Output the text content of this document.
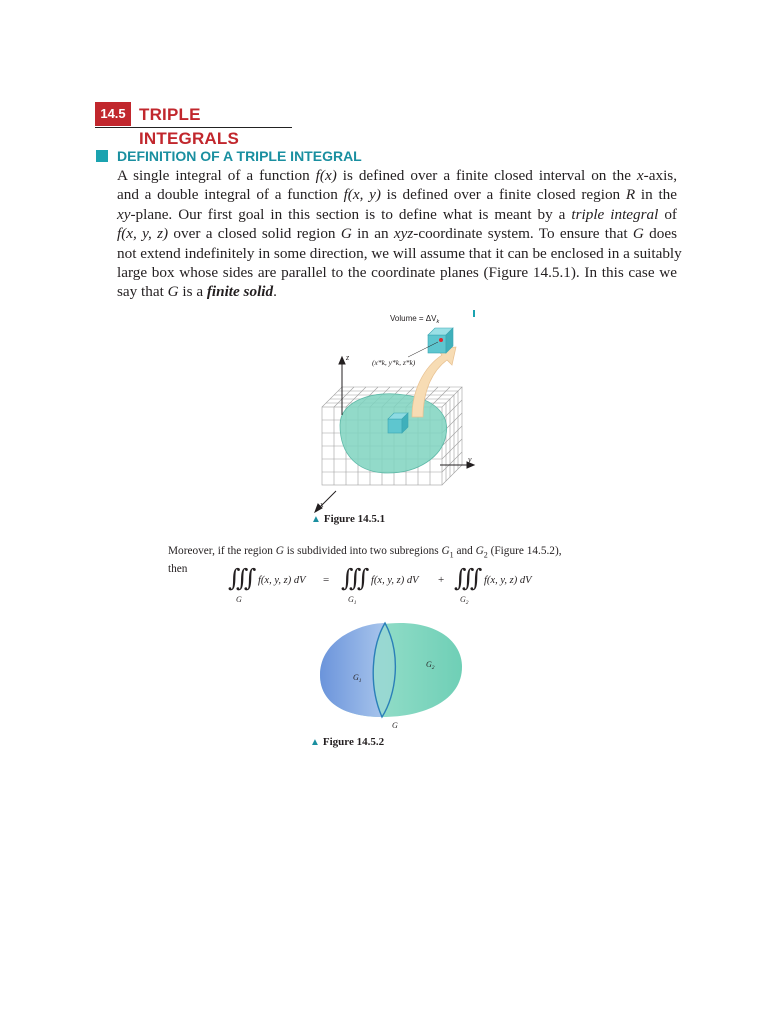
14.5 TRIPLE INTEGRALS
DEFINITION OF A TRIPLE INTEGRAL
A single integral of a function f(x) is defined over a finite closed interval on the x-axis,
and a double integral of a function f(x, y) is defined over a finite closed region R in the
xy-plane. Our first goal in this section is to define what is meant by a triple integral of
f(x, y, z) over a closed solid region G in an xyz-coordinate system. To ensure that G does
not extend indefinitely in some direction, we will assume that it can be enclosed in a suitably
large box whose sides are parallel to the coordinate planes (Figure 14.5.1). In this case we
say that G is a finite solid.
Volume = $\Delta V_k$
(x*k, y*k, z*k)
z
y
x
▲ Figure 14.5.1
Moreover, if the region G is subdivided into two subregions $G_1$ and $G_2$ (Figure 14.5.2),
then	∭ f(x, y, z) dV
G
= ∭ f(x, y, z) dV
$G_1$
+ ∭ f(x, y, z) dV
$G_2$
$G_1$
$G_2$
G
▲ Figure 14.5.2
